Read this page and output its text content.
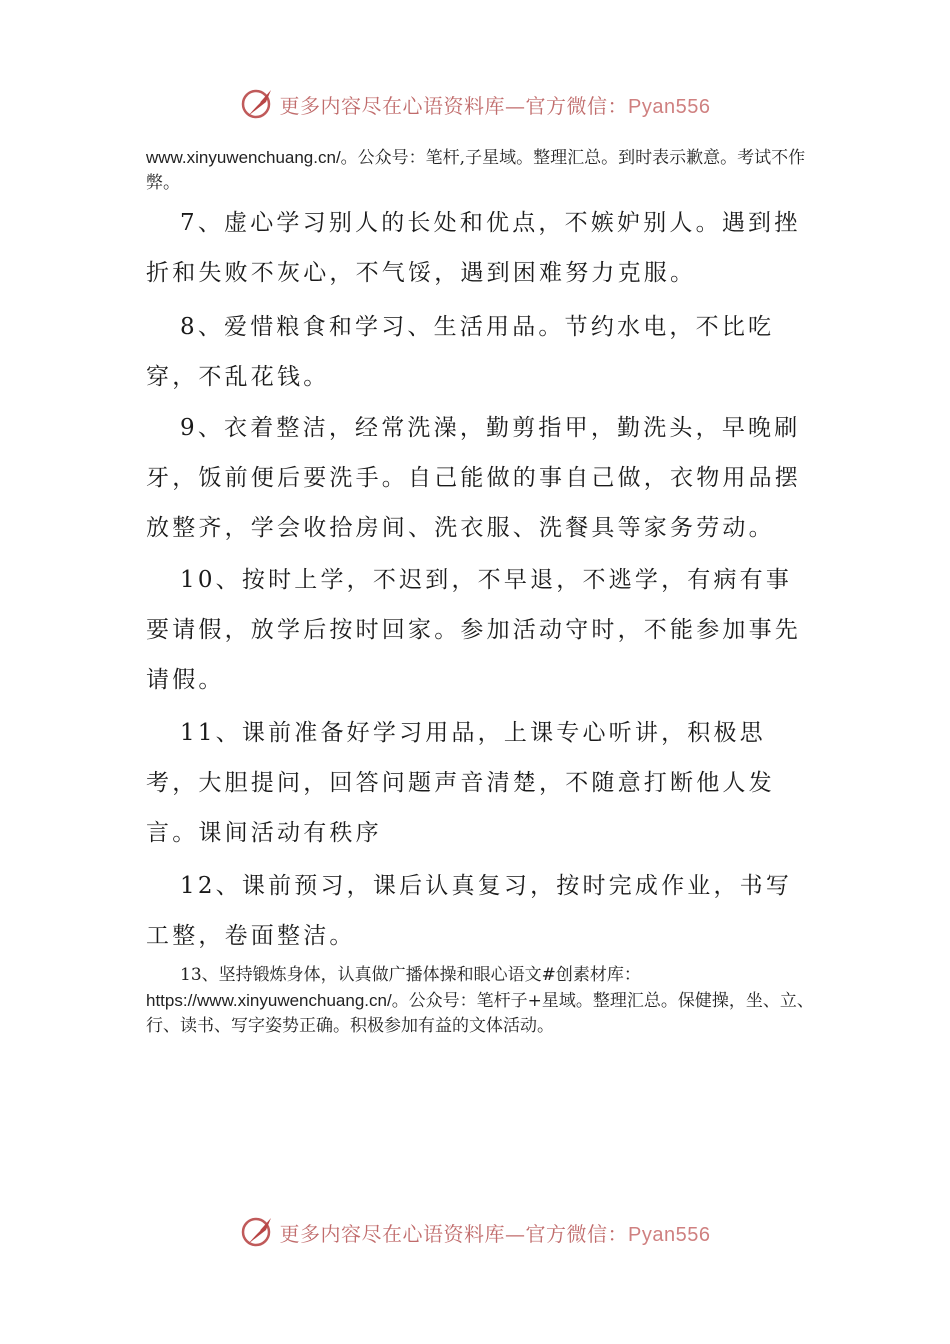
更多内容尽在心语资料库—官方微信：Pyan556
www.xinyuwenchuang.cn/。公众号：笔杆,子星域。整理汇总。到时表示歉意。考试不作弊。
7、虚心学习别人的长处和优点，不嫉妒别人。遇到挫折和失败不灰心，不气馁，遇到困难努力克服。
8、爱惜粮食和学习、生活用品。节约水电，不比吃穿，不乱花钱。
9、衣着整洁，经常洗澡，勤剪指甲，勤洗头，早晚刷牙，饭前便后要洗手。自己能做的事自己做，衣物用品摆放整齐，学会收拾房间、洗衣服、洗餐具等家务劳动。
10、按时上学，不迟到，不早退，不逃学，有病有事要请假，放学后按时回家。参加活动守时，不能参加事先请假。
11、课前准备好学习用品，上课专心听讲，积极思考，大胆提问，回答问题声音清楚，不随意打断他人发言。课间活动有秩序
12、课前预习，课后认真复习，按时完成作业，书写工整，卷面整洁。
13、坚持锻炼身体，认真做广播体操和眼心语文#创素材库：https://www.xinyuwenchuang.cn/。公众号：笔杆子+星域。整理汇总。保健操，坐、立、行、读书、写字姿势正确。积极参加有益的文体活动。
更多内容尽在心语资料库—官方微信：Pyan556
